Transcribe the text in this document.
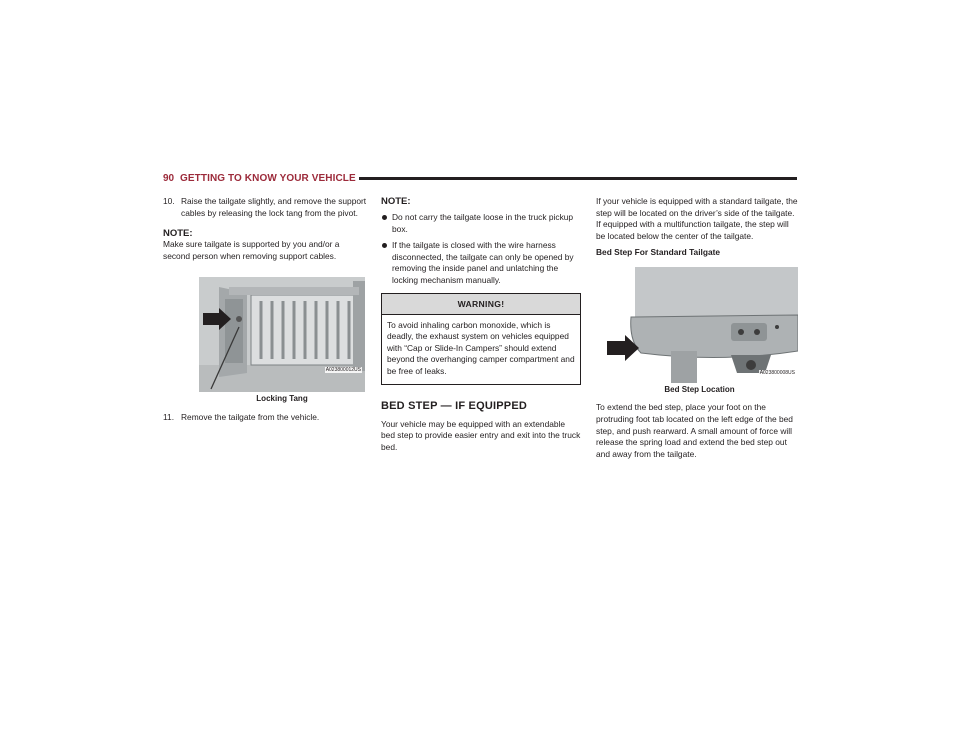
90 GETTING TO KNOW YOUR VEHICLE
10. Raise the tailgate slightly, and remove the support cables by releasing the lock tang from the pivot.
NOTE:

Make sure tailgate is supported by you and/or a second person when removing support cables.

A023800012US
Locking Tang
11. Remove the tailgate from the vehicle.
NOTE:
Do not carry the tailgate loose in the truck pickup box.
If the tailgate is closed with the wire harness disconnected, the tailgate can only be opened by removing the inside panel and unlatching the locking mechanism manually.
WARNING!
To avoid inhaling carbon monoxide, which is deadly, the exhaust system on vehicles equipped with “Cap or Slide-In Campers” should extend beyond the overhanging camper compartment and be free of leaks.
BED STEP — IF EQUIPPED

Your vehicle may be equipped with an extendable bed step to provide easier entry and exit into the truck bed.

If your vehicle is equipped with a standard tailgate, the step will be located on the driver’s side of the tailgate. If equipped with a multifunction tailgate, the step will be located below the center of the tailgate.

Bed Step For Standard Tailgate
A023800008US
Bed Step Location

To extend the bed step, place your foot on the protruding foot tab located on the left edge of the bed step, and push rearward. A small amount of force will release the spring load and extend the bed step out and away from the tailgate.
